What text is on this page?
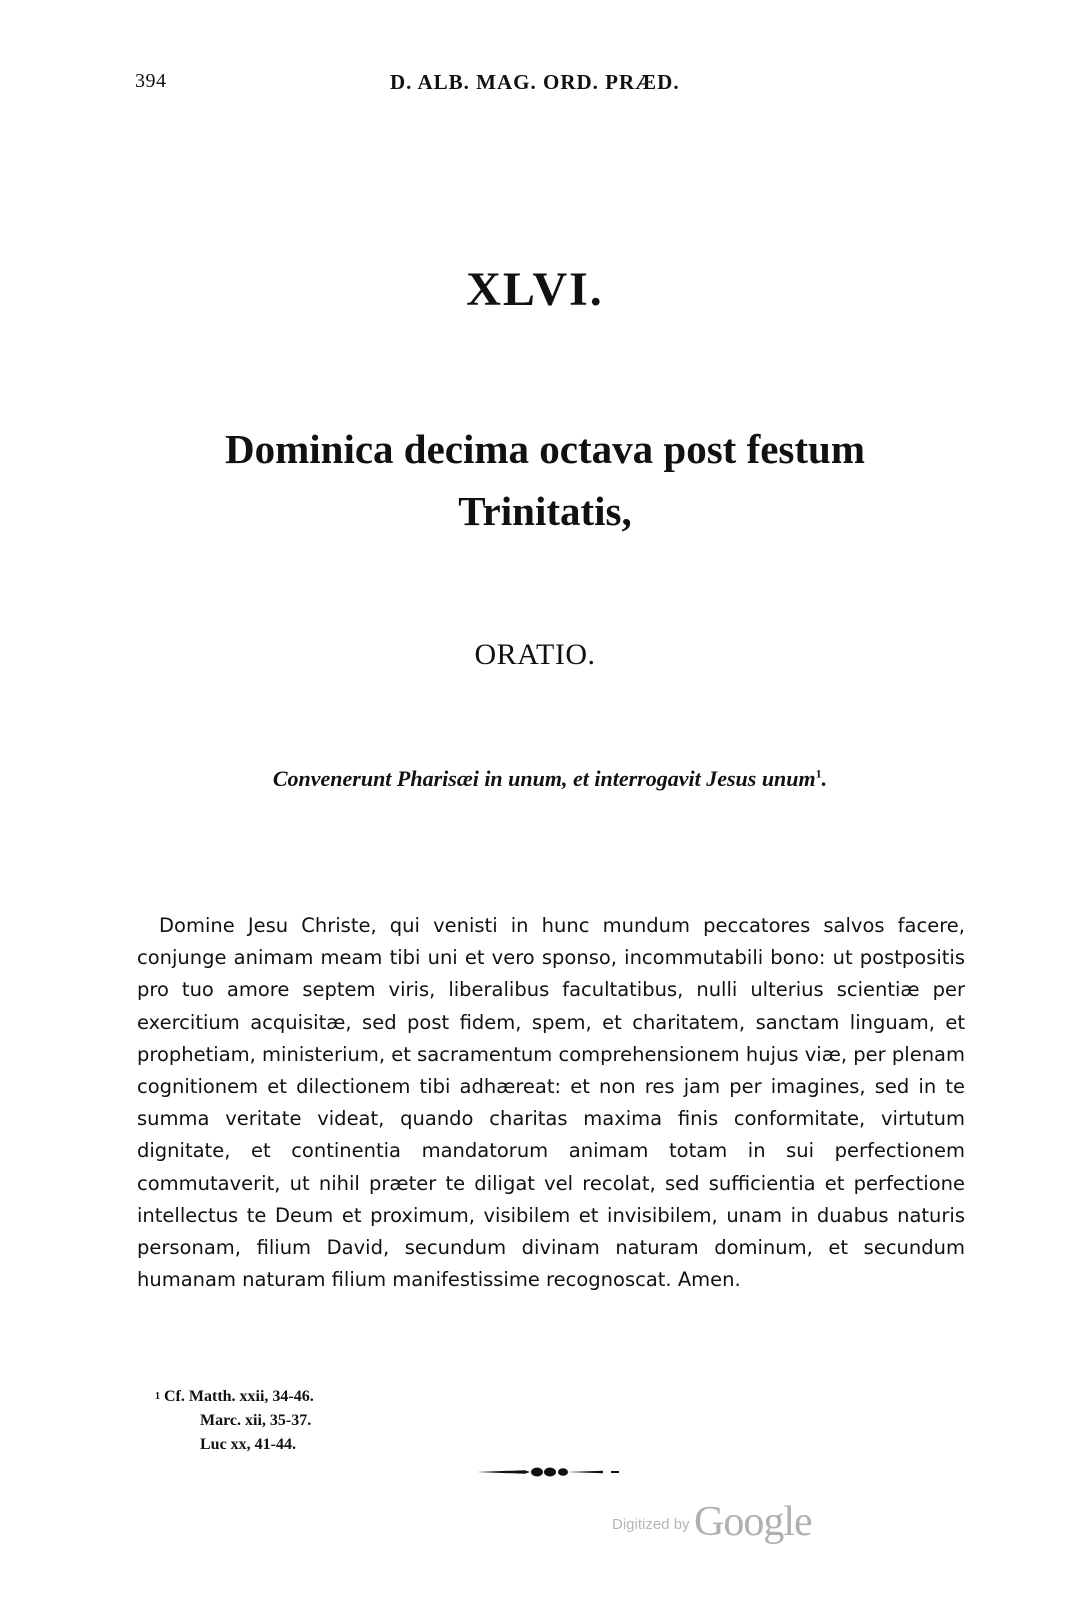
394	D. ALB. MAG. ORD. PRÆD.
XLVI.
Dominica decima octava post festum Trinitatis,
ORATIO.
Convenerunt Pharisæi in unum, et interrogavit Jesus unum$^1$.
Domine Jesu Christe, qui venisti in hunc mundum peccatores salvos facere, conjunge animam meam tibi uni et vero sponso, incommutabili bono: ut postpositis pro tuo amore septem viris, liberalibus facultatibus, nulli ulterius scientiæ per exercitium acquisitæ, sed post fidem, spem, et charitatem, sanctam linguam, et prophetiam, ministerium, et sacramentum comprehensionem hujus viæ, per plenam cognitionem et dilectionem tibi adhæreat: et non res jam per imagines, sed in te summa veritate videat, quando charitas maxima finis conformitate, virtutum dignitate, et continentia mandatorum animam totam in sui perfectionem commutaverit, ut nihil præter te diligat vel recolat, sed sufficientia et perfectione intellectus te Deum et proximum, visibilem et invisibilem, unam in duabus naturis personam, filium David, secundum divinam naturam dominum, et secundum humanam naturam filium manifestissime recognoscat. Amen.
$^1$ Cf. Matth. xxii, 34-46.
Marc. xii, 35-37.
Luc xx, 41-44.
Digitized by Google
